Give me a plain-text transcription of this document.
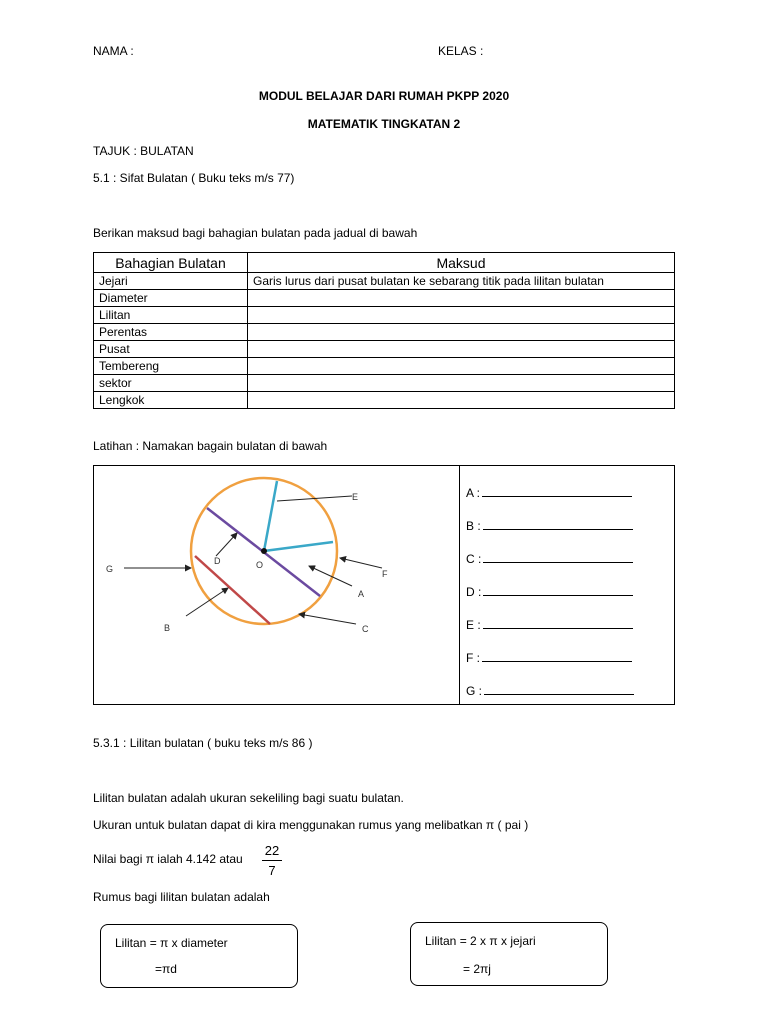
NAMA :	KELAS :
MODUL BELAJAR DARI RUMAH PKPP 2020
MATEMATIK TINGKATAN 2
TAJUK : BULATAN
5.1 : Sifat Bulatan ( Buku teks m/s 77)
Berikan maksud bagi bahagian bulatan pada jadual di bawah
Bahagian Bulatan	Maksud
Jejari	Garis lurus dari pusat bulatan ke sebarang titik pada lilitan bulatan
Diameter	
Lilitan	
Perentas	
Pusat	
Tembereng	
sektor	
Lengkok	
Latihan : Namakan bagain bulatan di bawah
G
E
F
A
C
B
D	O
A :
B :
C :
D :
E :
F :
G :
5.3.1 : Lilitan bulatan ( buku teks m/s 86 )
Lilitan bulatan adalah ukuran sekeliling bagi suatu bulatan.
Ukuran untuk bulatan dapat di kira menggunakan rumus yang melibatkan π ( pai )
Nilai bagi π ialah 4.142 atau
22
7
Rumus bagi lilitan bulatan adalah
Lilitan = π x diameter
=πd
Lilitan = 2 x π x jejari
= 2πj
